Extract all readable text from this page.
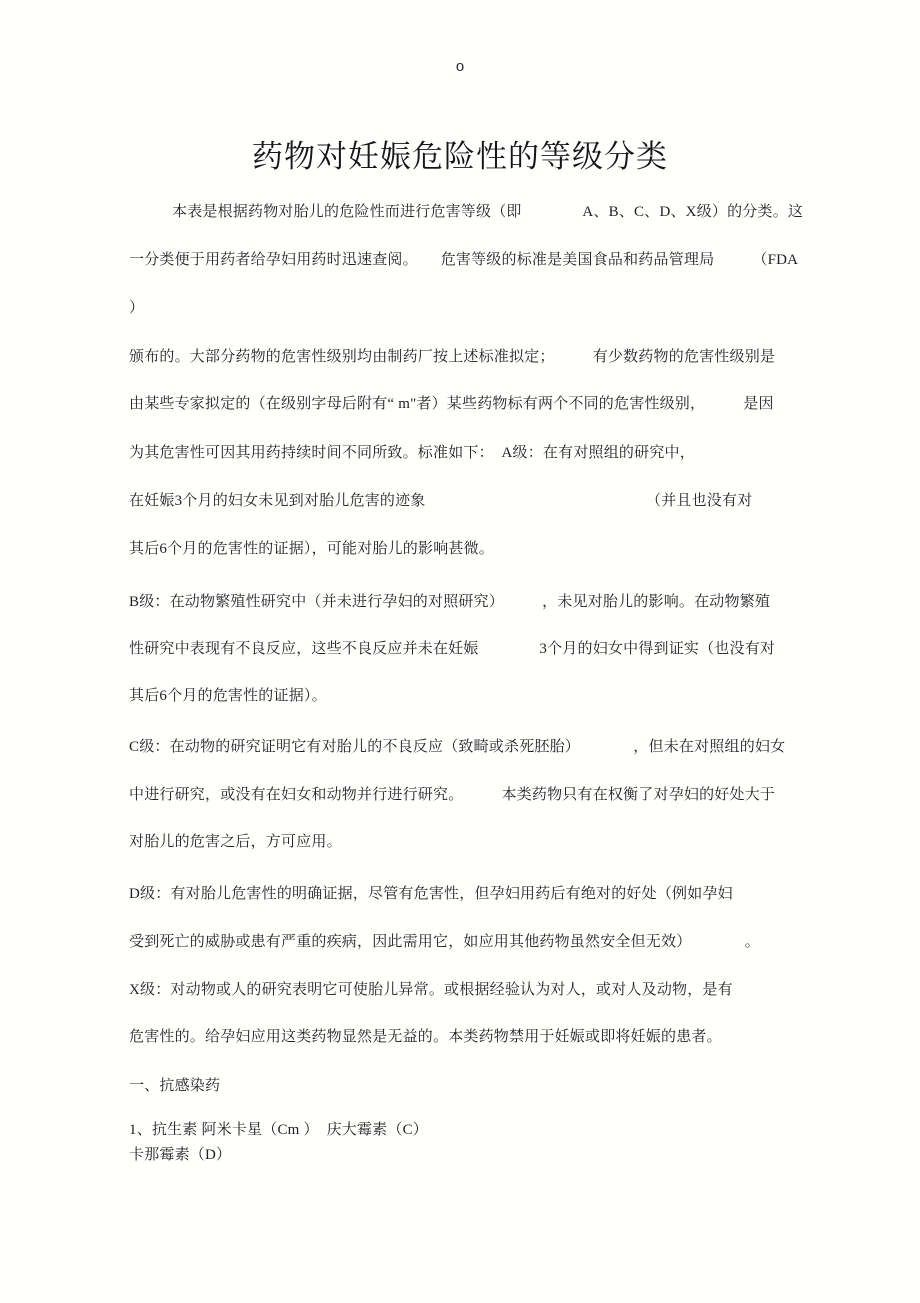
o
药物对妊娠危险性的等级分类
本表是根据药物对胎儿的危险性而进行危害等级（即　　　　A、B、C、D、X级）的分类。这
一分类便于用药者给孕妇用药时迅速查阅。　　危害等级的标准是美国食品和药品管理局　　　（FDA
）
颁布的。大部分药物的危害性级别均由制药厂按上述标准拟定；　　　有少数药物的危害性级别是
由某些专家拟定的（在级别字母后附有“ m"者）某些药物标有两个不同的危害性级别，　　　是因
为其危害性可因其用药持续时间不同所致。标准如下：　A级：在有对照组的研究中，
在妊娠3个月的妇女未见到对胎儿危害的迹象　　　　　　　　　　　　　　　（并且也没有对
其后6个月的危害性的证据），可能对胎儿的影响甚微。
B级：在动物繁殖性研究中（并未进行孕妇的对照研究）　　　，未见对胎儿的影响。在动物繁殖
性研究中表现有不良反应，这些不良反应并未在妊娠　　　　3个月的妇女中得到证实（也没有对
其后6个月的危害性的证据）。
C级：在动物的研究证明它有对胎儿的不良反应（致畸或杀死胚胎）　　　　，但未在对照组的妇女
中进行研究，或没有在妇女和动物并行进行研究。　　　本类药物只有在权衡了对孕妇的好处大于
对胎儿的危害之后，方可应用。
D级：有对胎儿危害性的明确证据，尽管有危害性，但孕妇用药后有绝对的好处（例如孕妇
受到死亡的威胁或患有严重的疾病，因此需用它，如应用其他药物虽然安全但无效）　　　　。
X级：对动物或人的研究表明它可使胎儿异常。或根据经验认为对人，或对人及动物，是有
危害性的。给孕妇应用这类药物显然是无益的。本类药物禁用于妊娠或即将妊娠的患者。
一、抗感染药
1、抗生素 阿米卡星（Cm ）  庆大霉素（C）
卡那霉素（D）
